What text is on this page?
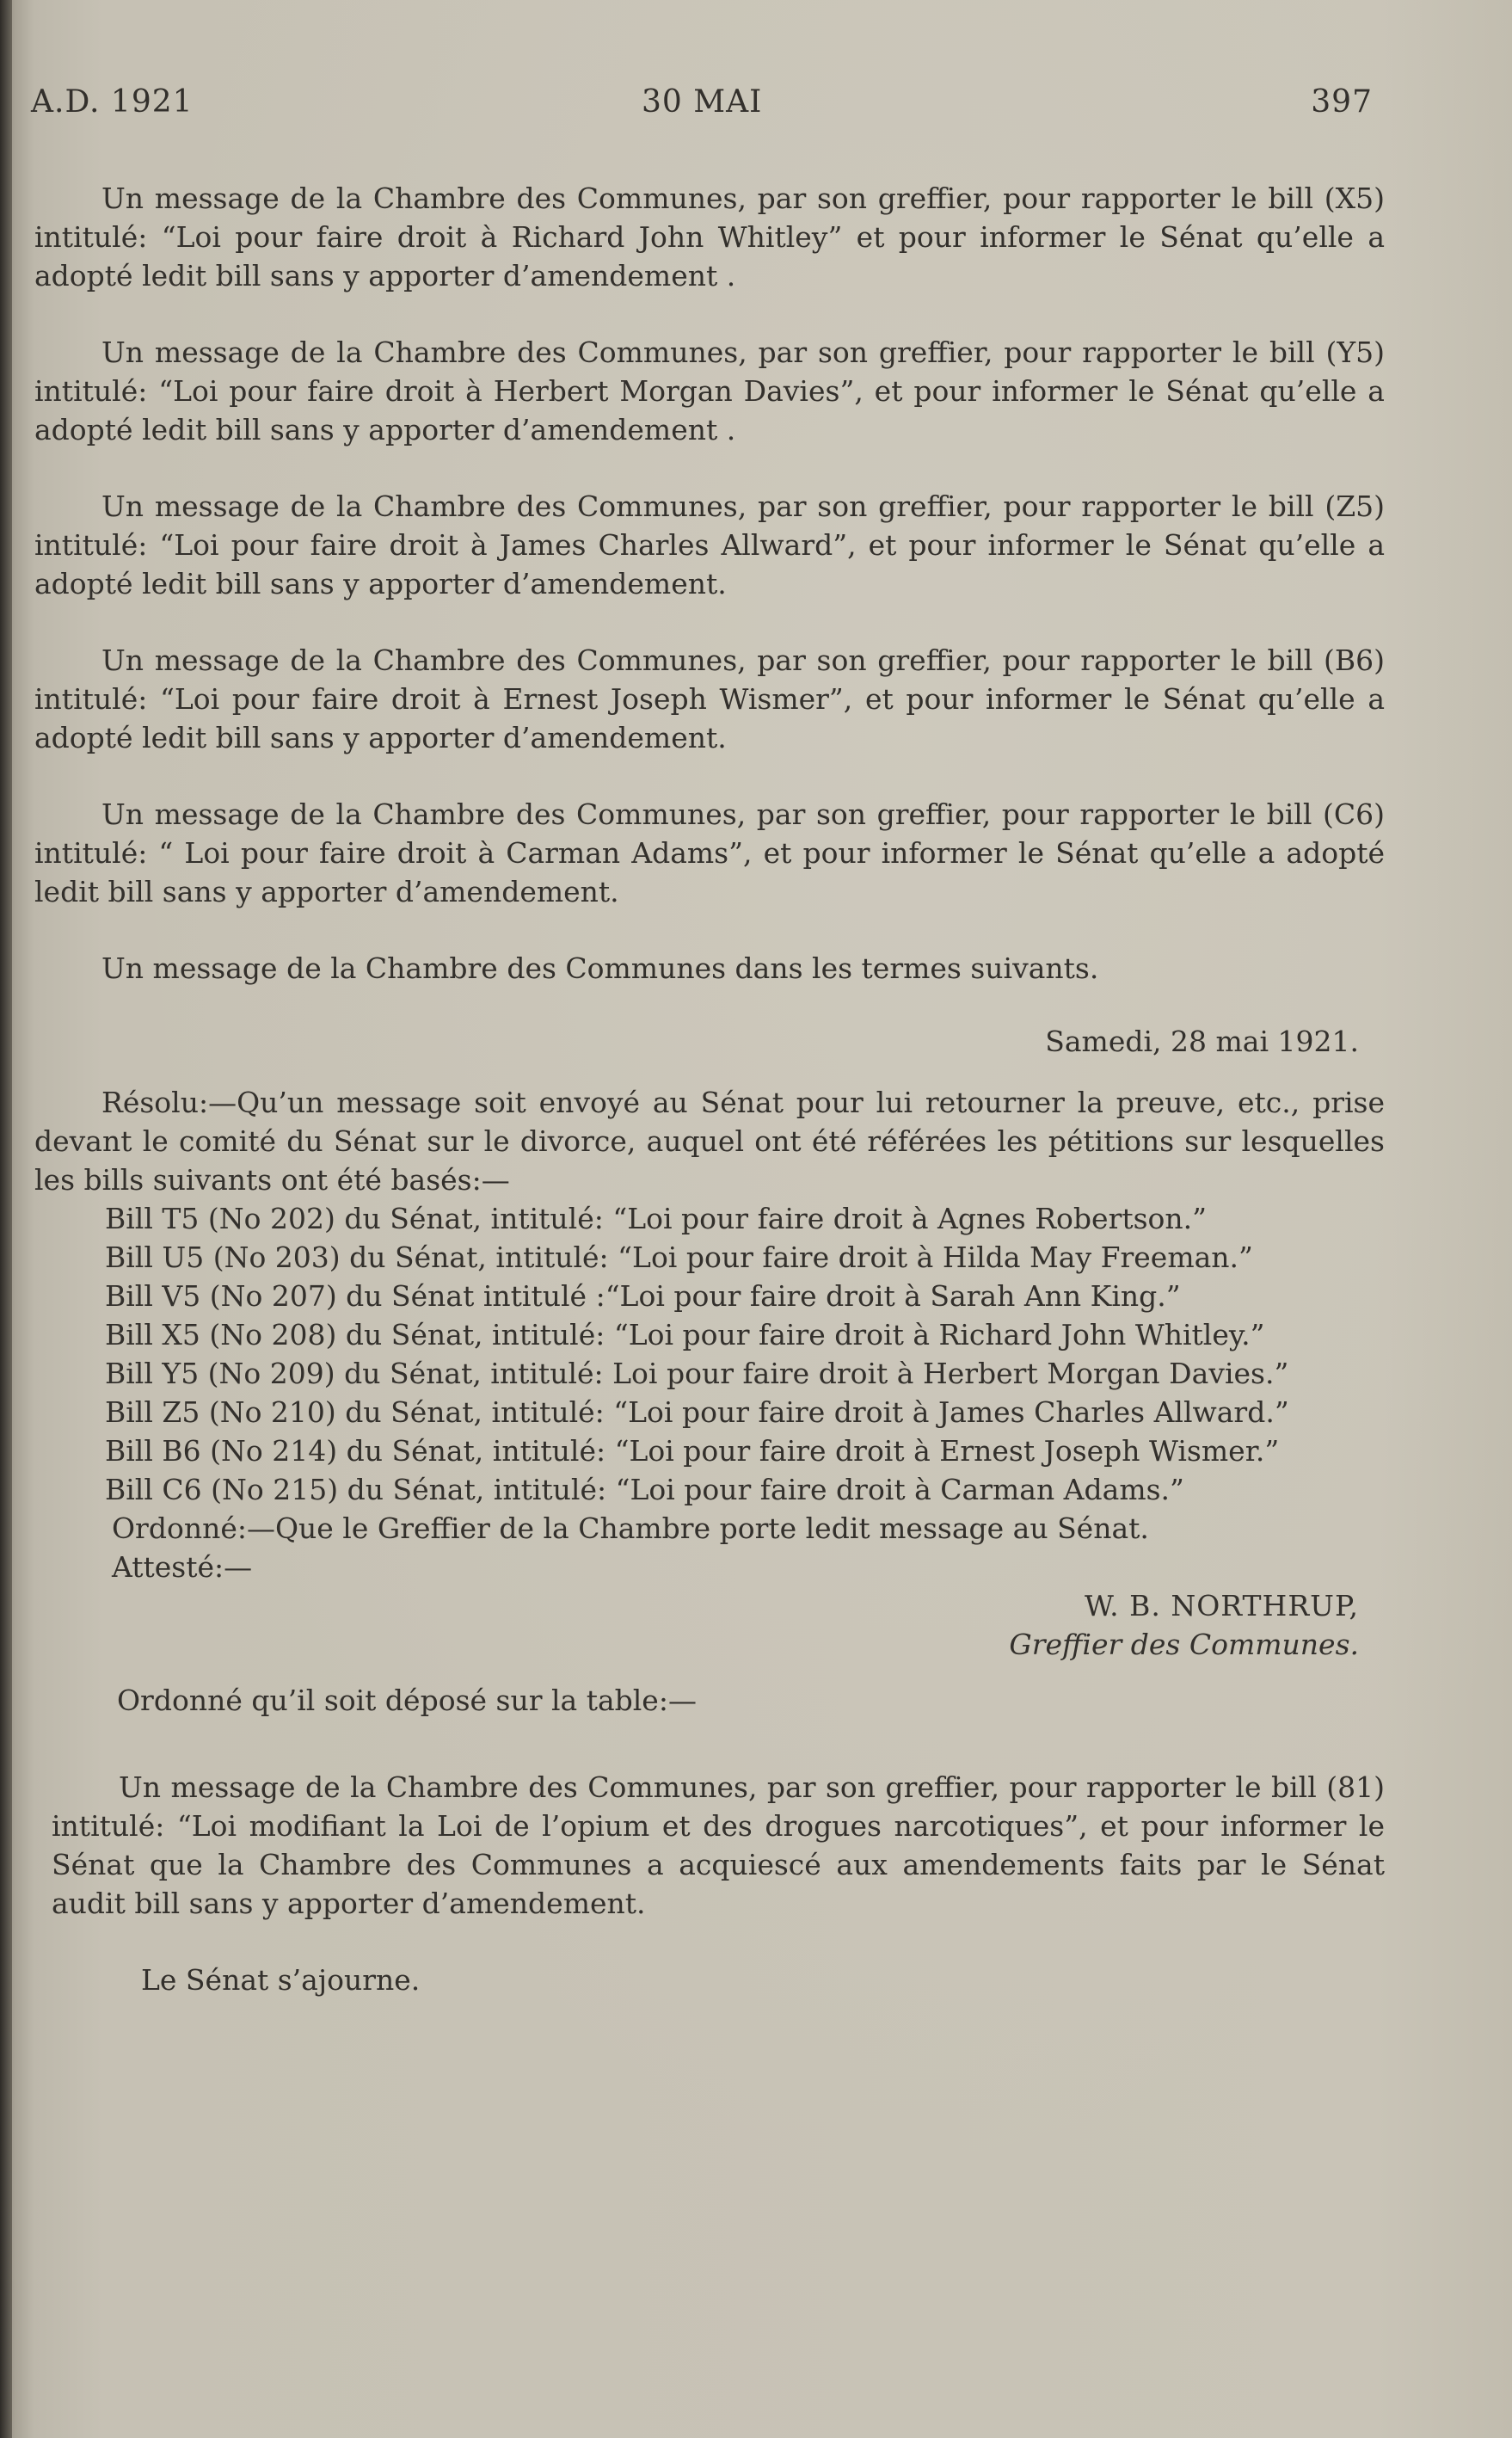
A.D. 1921	30 MAI	397

Un message de la Chambre des Communes, par son greffier, pour rapporter le bill (X5) intitulé: “Loi pour faire droit à Richard John Whitley” et pour informer le Sénat qu’elle a adopté ledit bill sans y apporter d’amendement .

Un message de la Chambre des Communes, par son greffier, pour rapporter le bill (Y5) intitulé: “Loi pour faire droit à Herbert Morgan Davies”, et pour informer le Sénat qu’elle a adopté ledit bill sans y apporter d’amendement .

Un message de la Chambre des Communes, par son greffier, pour rapporter le bill (Z5) intitulé: “Loi pour faire droit à James Charles Allward”, et pour informer le Sénat qu’elle a adopté ledit bill sans y apporter d’amendement.

Un message de la Chambre des Communes, par son greffier, pour rapporter le bill (B6) intitulé: “Loi pour faire droit à Ernest Joseph Wismer”, et pour informer le Sénat qu’elle a adopté ledit bill sans y apporter d’amendement.

Un message de la Chambre des Communes, par son greffier, pour rapporter le bill (C6) intitulé: “ Loi pour faire droit à Carman Adams”, et pour informer le Sénat qu’elle a adopté ledit bill sans y apporter d’amendement.

Un message de la Chambre des Communes dans les termes suivants.

Samedi, 28 mai 1921.

Résolu:—Qu’un message soit envoyé au Sénat pour lui retourner la preuve, etc., prise devant le comité du Sénat sur le divorce, auquel ont été référées les pétitions sur lesquelles les bills suivants ont été basés:—

Bill T5 (No 202) du Sénat, intitulé: “Loi pour faire droit à Agnes Robertson.”

Bill U5 (No 203) du Sénat, intitulé: “Loi pour faire droit à Hilda May Freeman.”

Bill V5 (No 207) du Sénat intitulé :“Loi pour faire droit à Sarah Ann King.”

Bill X5 (No 208) du Sénat, intitulé: “Loi pour faire droit à Richard John Whitley.”

Bill Y5 (No 209) du Sénat, intitulé: Loi pour faire droit à Herbert Morgan Davies.”

Bill Z5 (No 210) du Sénat, intitulé: “Loi pour faire droit à James Charles Allward.”

Bill B6 (No 214) du Sénat, intitulé: “Loi pour faire droit à Ernest Joseph Wismer.”

Bill C6 (No 215) du Sénat, intitulé: “Loi pour faire droit à Carman Adams.”

Ordonné:—Que le Greffier de la Chambre porte ledit message au Sénat.

Attesté:—

W. B. NORTHRUP,
Greffier des Communes.

Ordonné qu’il soit déposé sur la table:—

Un message de la Chambre des Communes, par son greffier, pour rapporter le bill (81) intitulé: “Loi modifiant la Loi de l’opium et des drogues narcotiques”, et pour informer le Sénat que la Chambre des Communes a acquiescé aux amendements faits par le Sénat audit bill sans y apporter d’amendement.

Le Sénat s’ajourne.
